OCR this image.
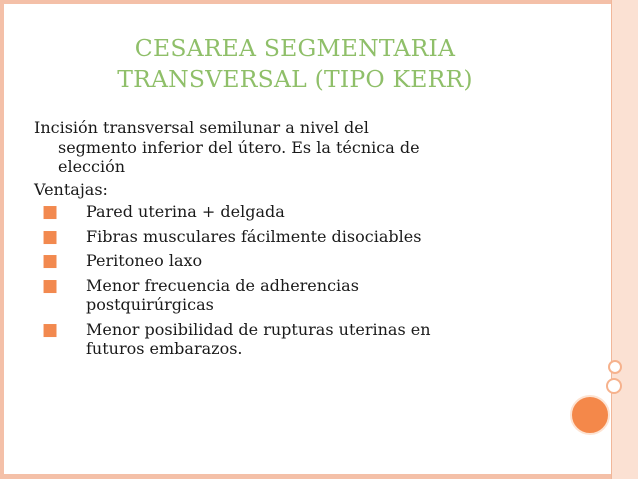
CESAREA SEGMENTARIA
TRANSVERSAL (TIPO KERR)

Incisión transversal semilunar a nivel del
segmento inferior del útero. Es la técnica de
elección

Ventajas:

■	Pared uterina + delgada
■	Fibras musculares fácilmente disociables
■	Peritoneo laxo
■	Menor frecuencia de adherencias
postquirúrgicas
■	Menor posibilidad de rupturas uterinas en
futuros embarazos.
